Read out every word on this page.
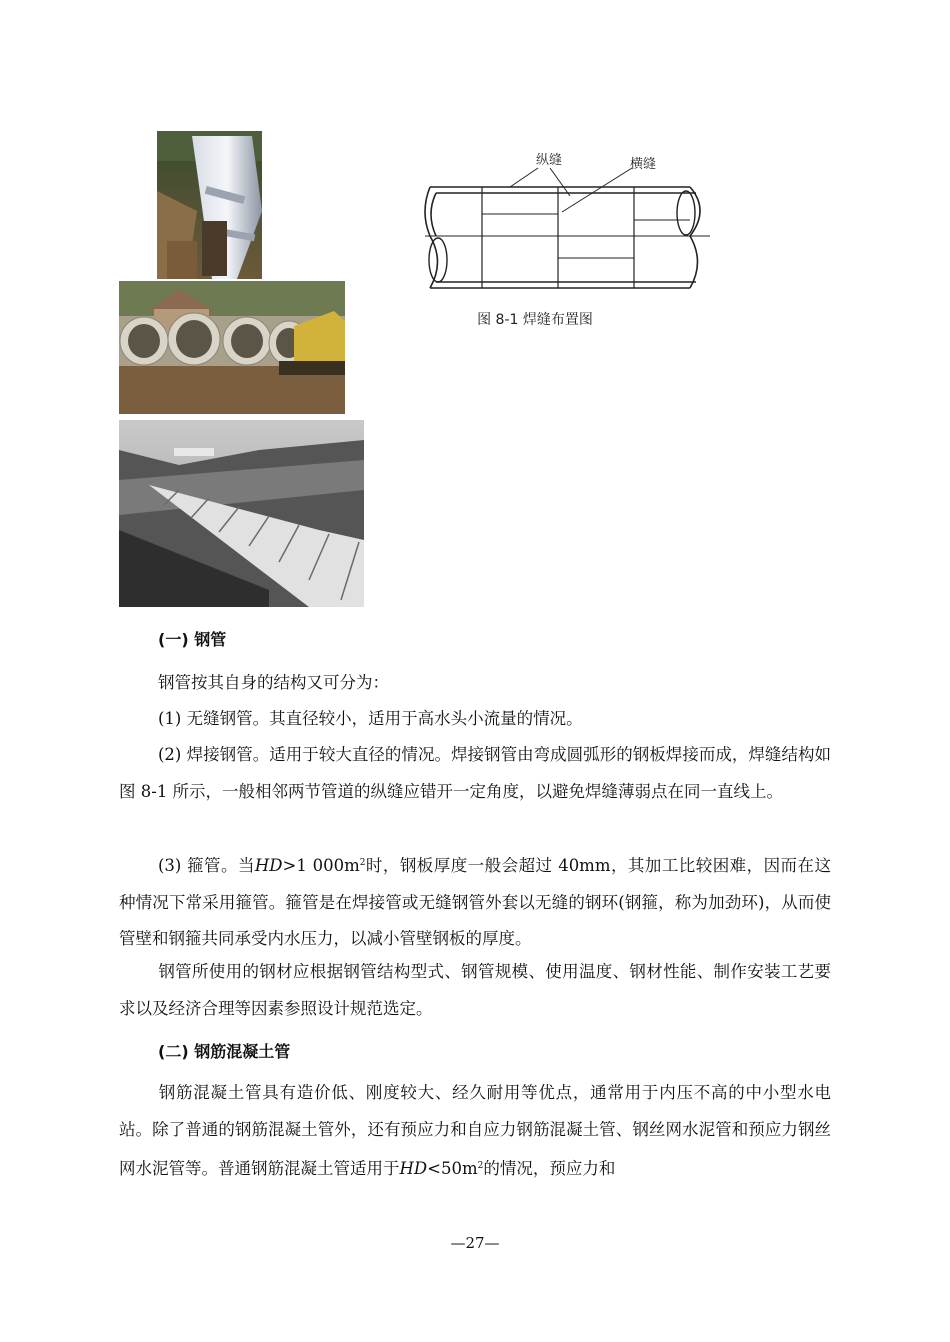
纵缝	横缝
图 8-1 焊缝布置图
(一) 钢管

钢管按其自身的结构又可分为：

(1) 无缝钢管。其直径较小，适用于高水头小流量的情况。

(2) 焊接钢管。适用于较大直径的情况。焊接钢管由弯成圆弧形的钢板焊接而成，焊缝结构如图 8-1 所示，一般相邻两节管道的纵缝应错开一定角度，以避免焊缝薄弱点在同一直线上。

(3) 箍管。当HD>1 $000m^2$时，钢板厚度一般会超过 40mm，其加工比较困难，因而在这种情况下常采用箍管。箍管是在焊接管或无缝钢管外套以无缝的钢环(钢箍，称为加劲环)，从而使管壁和钢箍共同承受内水压力，以减小管壁钢板的厚度。

钢管所使用的钢材应根据钢管结构型式、钢管规模、使用温度、钢材性能、制作安装工艺要求以及经济合理等因素参照设计规范选定。

(二) 钢筋混凝土管

钢筋混凝土管具有造价低、刚度较大、经久耐用等优点，通常用于内压不高的中小型水电站。除了普通的钢筋混凝土管外，还有预应力和自应力钢筋混凝土管、钢丝网水泥管和预应力钢丝网水泥管等。普通钢筋混凝土管适用于$HD<50m^2$的情况，预应力和

—27—
